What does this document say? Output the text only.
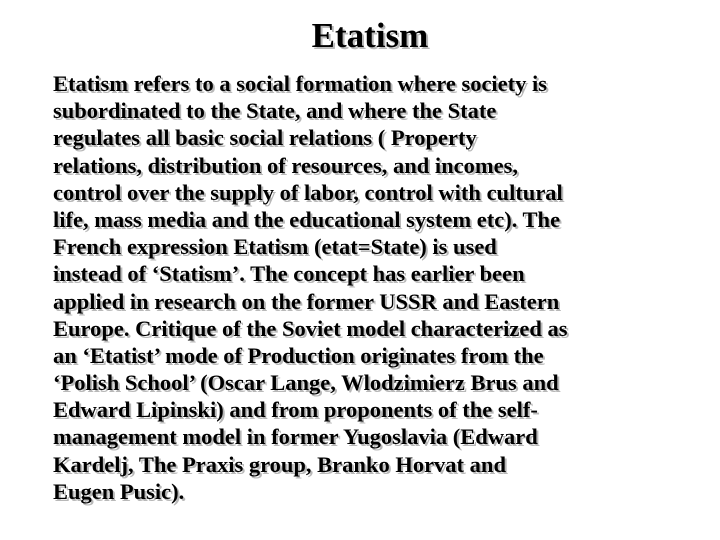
Etatism
Etatism refers to a social formation where society is
subordinated to the State, and where the State
regulates all basic social relations ( Property
relations, distribution of resources, and incomes,
control over the supply of labor, control with cultural
life, mass media and the educational system etc). The
French expression Etatism (etat=State) is used
instead of ‘Statism’. The concept has earlier been
applied in research on the former USSR and Eastern
Europe. Critique of the Soviet model characterized as
an ‘Etatist’ mode of Production originates from the
‘Polish School’ (Oscar Lange, Wlodzimierz Brus and
Edward Lipinski) and from proponents of the self-
management model in former Yugoslavia (Edward
Kardelj, The Praxis group, Branko Horvat and
Eugen Pusic).
